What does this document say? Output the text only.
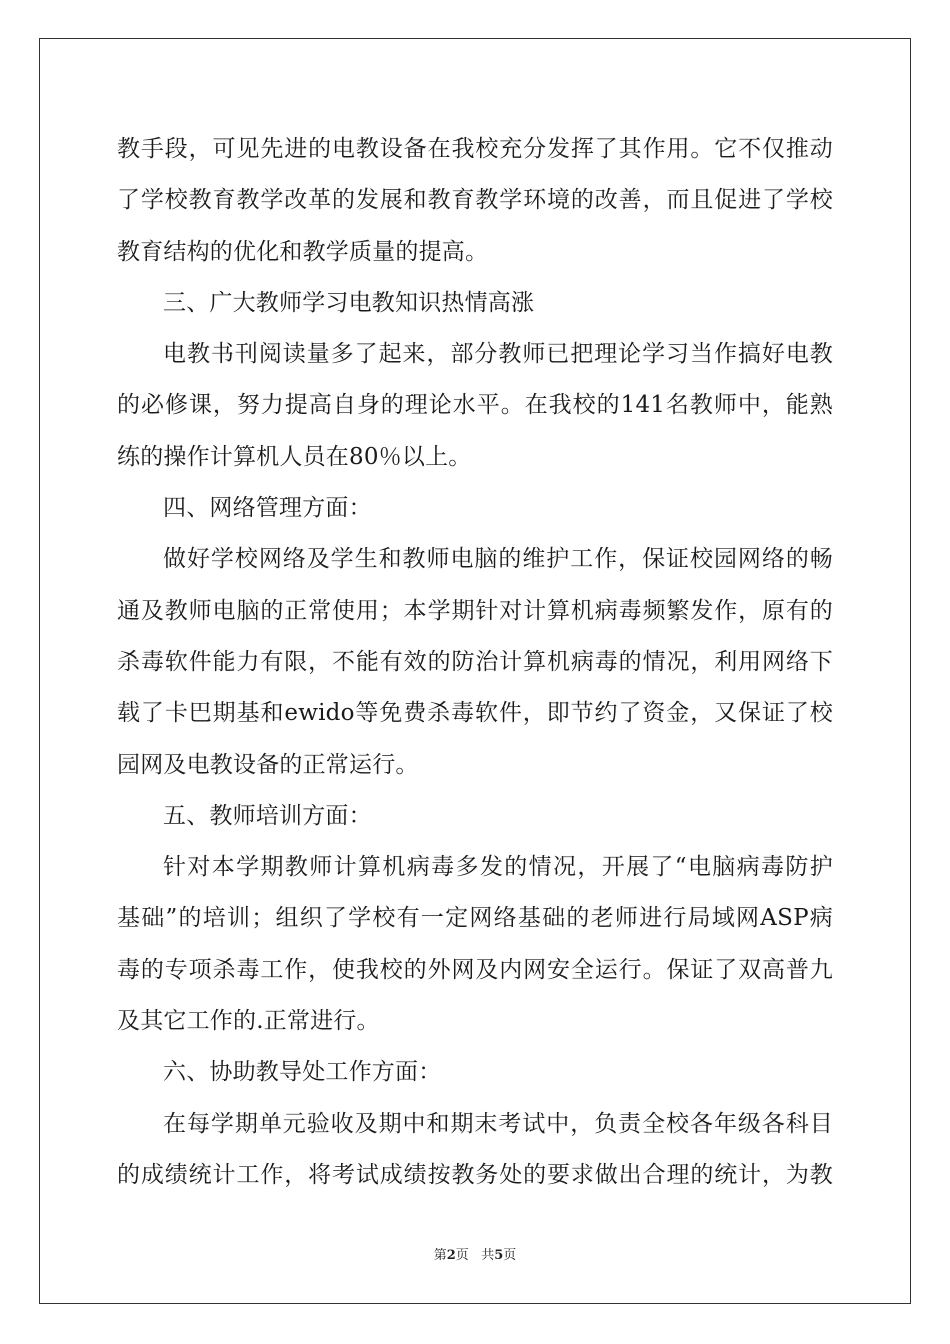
教手段，可见先进的电教设备在我校充分发挥了其作用。它不仅推动
了学校教育教学改革的发展和教育教学环境的改善，而且促进了学校
教育结构的优化和教学质量的提高。
三、广大教师学习电教知识热情高涨
电教书刊阅读量多了起来，部分教师已把理论学习当作搞好电教
的必修课，努力提高自身的理论水平。在我校的141名教师中，能熟
练的操作计算机人员在80％以上。
四、网络管理方面：
做好学校网络及学生和教师电脑的维护工作，保证校园网络的畅
通及教师电脑的正常使用；本学期针对计算机病毒频繁发作，原有的
杀毒软件能力有限，不能有效的防治计算机病毒的情况，利用网络下
载了卡巴期基和ewido等免费杀毒软件，即节约了资金，又保证了校
园网及电教设备的正常运行。
五、教师培训方面：
针对本学期教师计算机病毒多发的情况，开展了“电脑病毒防护
基础”的培训；组织了学校有一定网络基础的老师进行局域网ASP病
毒的专项杀毒工作，使我校的外网及内网安全运行。保证了双高普九
及其它工作的.正常进行。
六、协助教导处工作方面：
在每学期单元验收及期中和期末考试中，负责全校各年级各科目
的成绩统计工作，将考试成绩按教务处的要求做出合理的统计，为教
第2页 共5页
